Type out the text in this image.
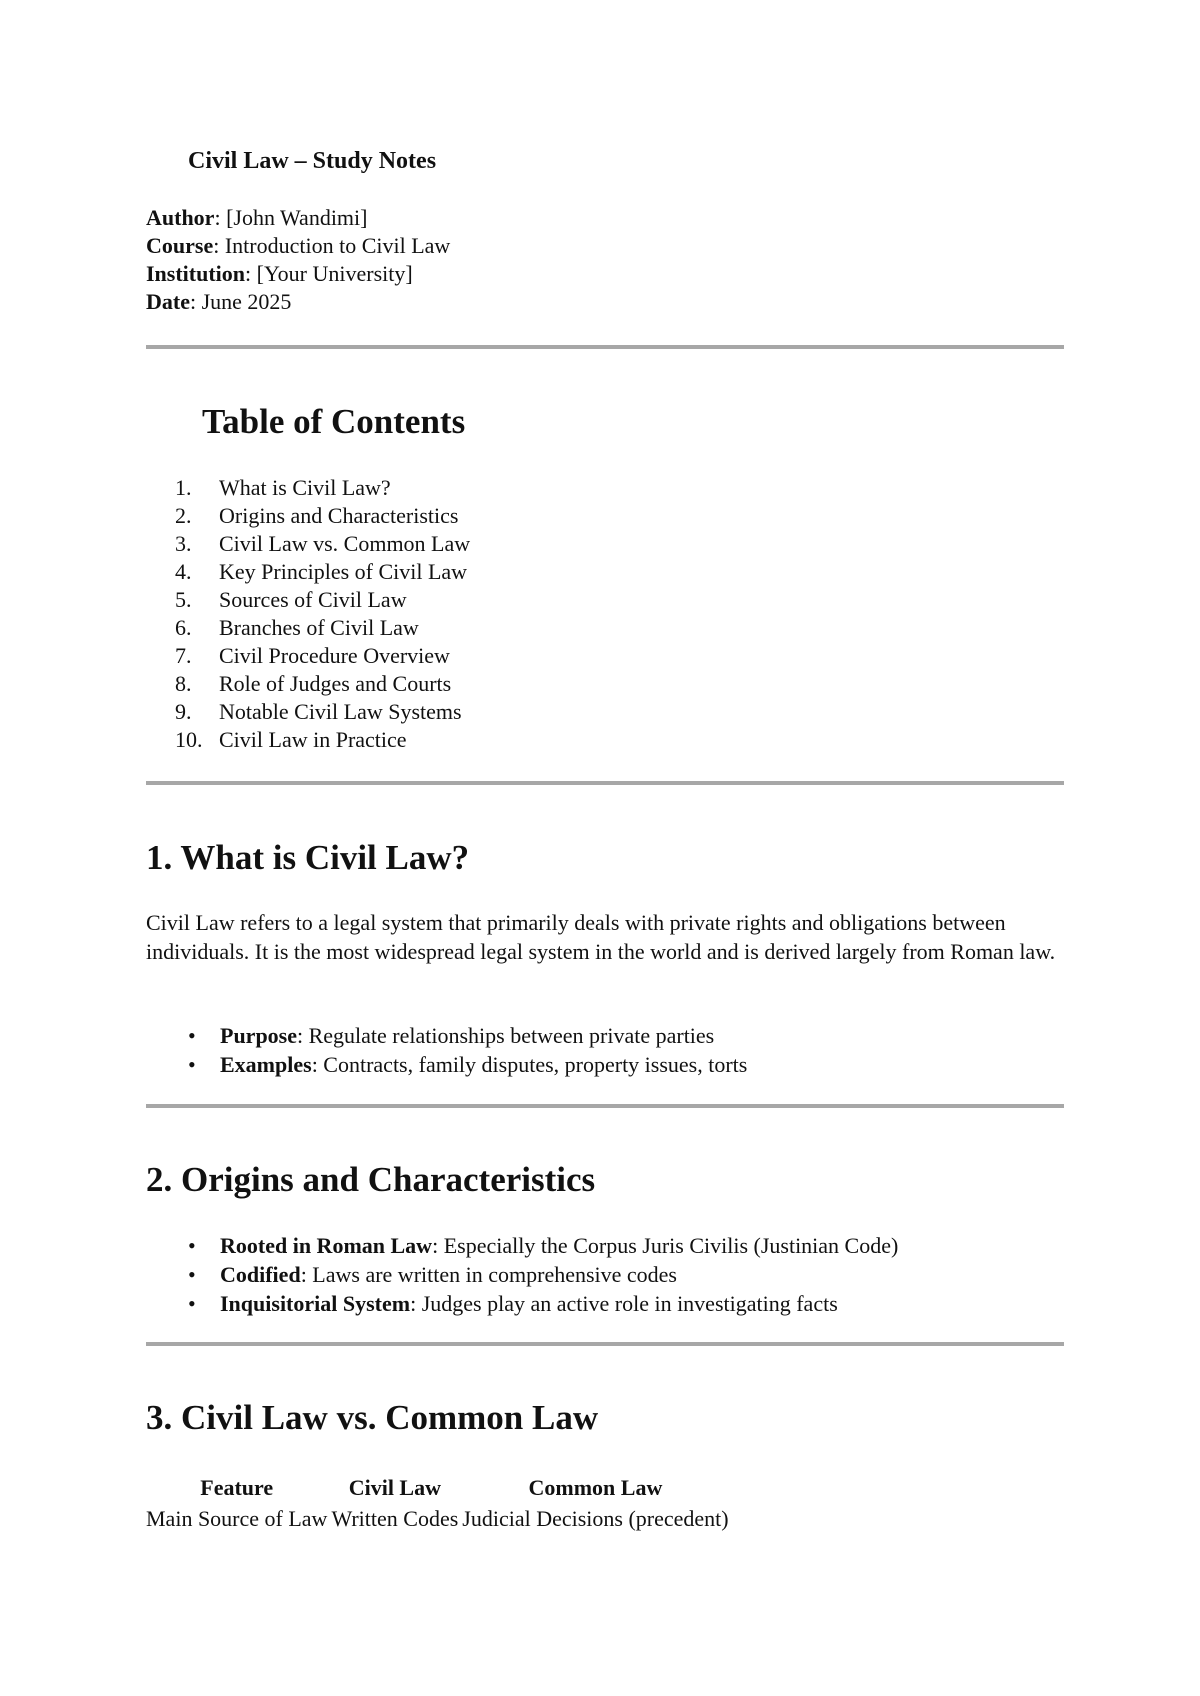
Civil Law – Study Notes
Author: [John Wandimi]
Course: Introduction to Civil Law
Institution: [Your University]
Date: June 2025
Table of Contents
1. What is Civil Law?
2. Origins and Characteristics
3. Civil Law vs. Common Law
4. Key Principles of Civil Law
5. Sources of Civil Law
6. Branches of Civil Law
7. Civil Procedure Overview
8. Role of Judges and Courts
9. Notable Civil Law Systems
10. Civil Law in Practice
1. What is Civil Law?

Civil Law refers to a legal system that primarily deals with private rights and obligations between individuals. It is the most widespread legal system in the world and is derived largely from Roman law.

• Purpose: Regulate relationships between private parties
• Examples: Contracts, family disputes, property issues, torts
2. Origins and Characteristics
• Rooted in Roman Law: Especially the Corpus Juris Civilis (Justinian Code)
• Codified: Laws are written in comprehensive codes
• Inquisitorial System: Judges play an active role in investigating facts
3. Civil Law vs. Common Law
Feature	Civil Law	Common Law
Main Source of Law	Written Codes	Judicial Decisions (precedent)
